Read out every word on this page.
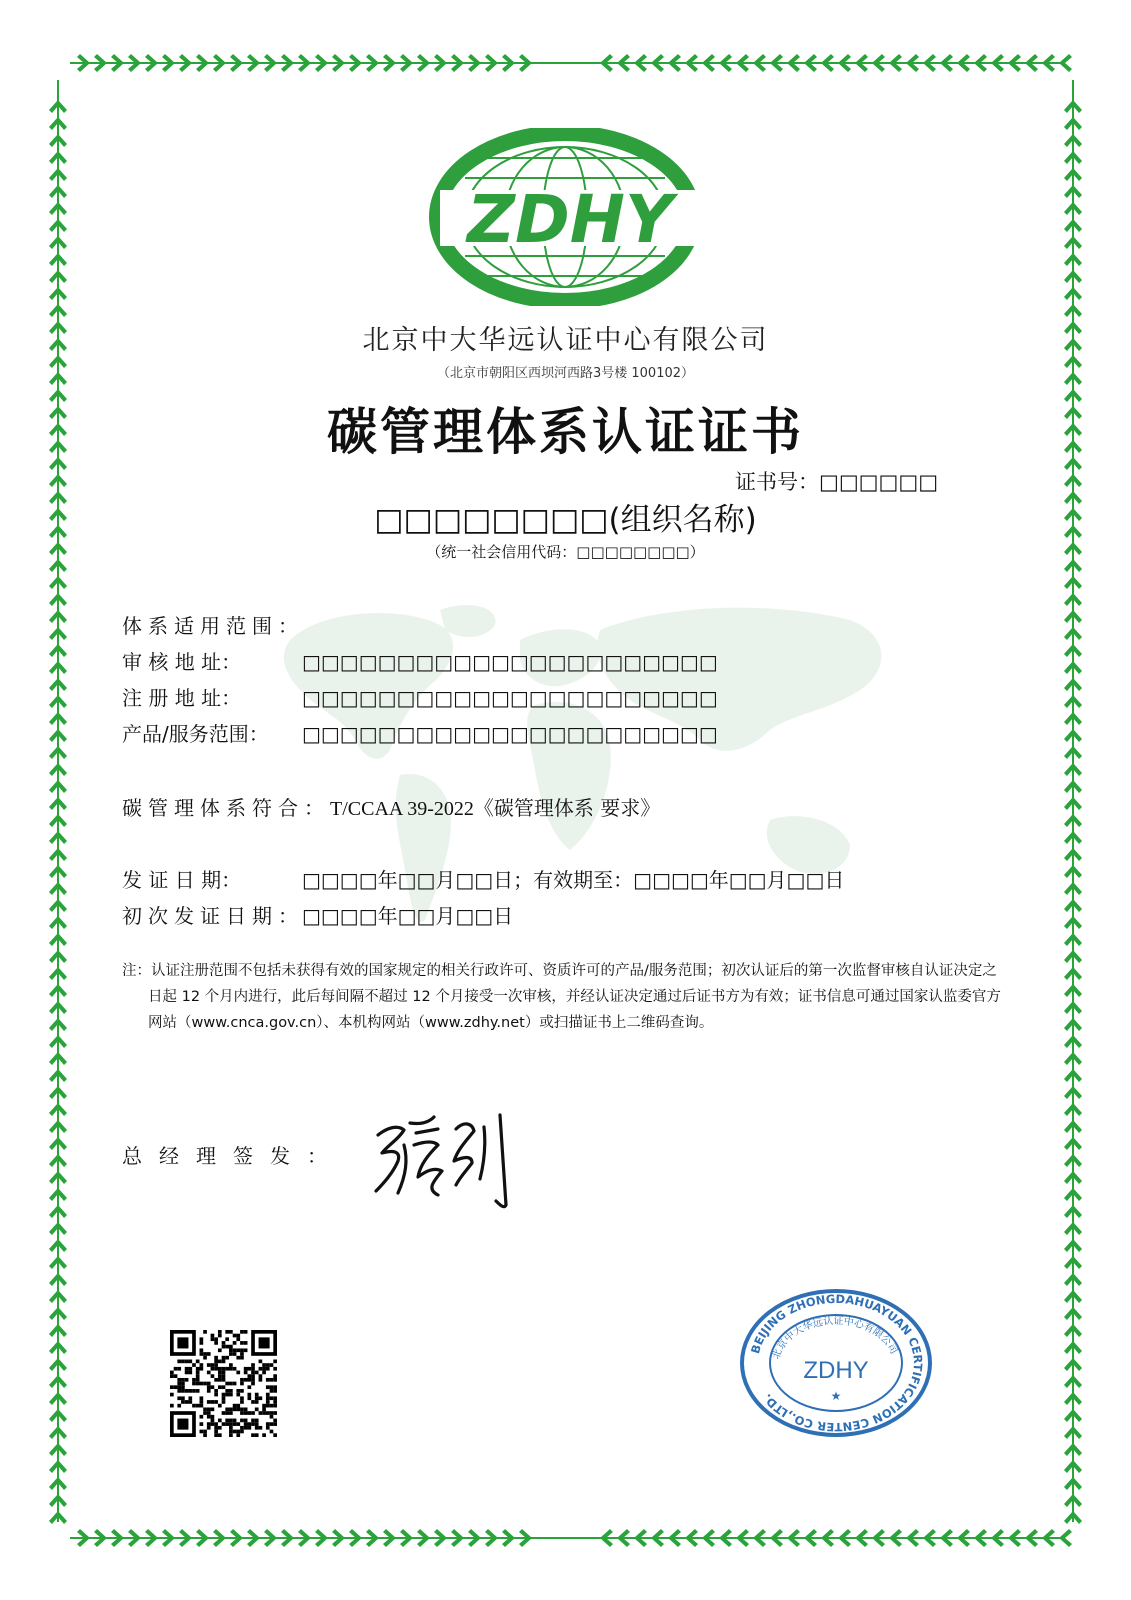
ZDHY
北京中大华远认证中心有限公司
（北京市朝阳区西坝河西路3号楼 100102）
碳管理体系认证证书
证书号：□□□□□□
□□□□□□□□(组织名称)
（统一社会信用代码：□□□□□□□□）
体系适用范围：
审 核 地 址：	□□□□□□□□□□□□□□□□□□□□□□
注 册 地 址：	□□□□□□□□□□□□□□□□□□□□□□
产品/服务范围： □□□□□□□□□□□□□□□□□□□□□□
碳管理体系符合：T/CCAA 39-2022《碳管理体系 要求》
发 证 日 期：	□□□□年□□月□□日；有效期至：□□□□年□□月□□日
初次发证日期：□□□□年□□月□□日

注：认证注册范围不包括未获得有效的国家规定的相关行政许可、资质许可的产品/服务范围；初次认证后的第一次监督审核自认证决定之日起 12 个月内进行，此后每间隔不超过 12 个月接受一次审核，并经认证决定通过后证书方为有效；证书信息可通过国家认监委官方网站（www.cnca.gov.cn）、本机构网站（www.zdhy.net）或扫描证书上二维码查询。

总经理签发：
BEIJING ZHONGDAHUAYUAN CERTIFICATION CENTER CO.,LTD.
北京中大华远认证中心有限公司
ZDHY
★
